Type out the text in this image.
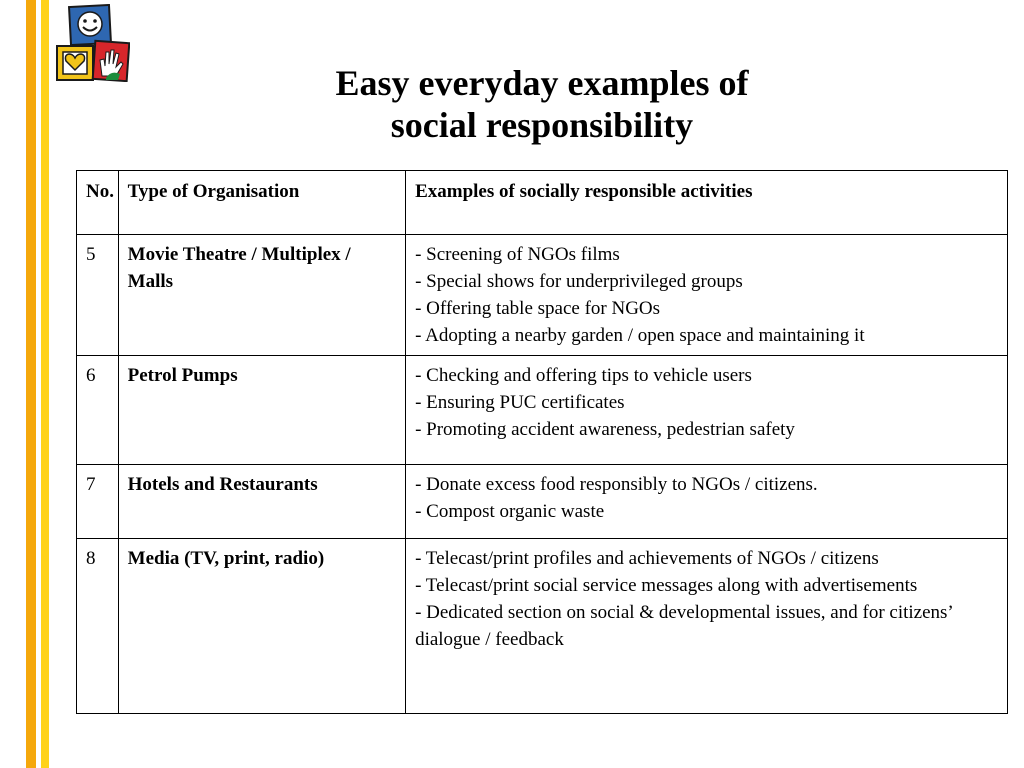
Easy everyday examples of
social responsibility
No.	Type of Organisation	Examples of socially responsible activities
5	Movie Theatre / Multiplex / Malls	- Screening of NGOs films
- Special shows for underprivileged groups
- Offering table space for NGOs
- Adopting a nearby garden / open space and maintaining it

6	Petrol Pumps	- Checking and offering tips to vehicle users
- Ensuring PUC certificates
- Promoting accident awareness, pedestrian safety

7	Hotels and Restaurants	- Donate excess food responsibly to NGOs / citizens.
- Compost organic waste

8	Media (TV, print, radio)	- Telecast/print profiles and achievements of NGOs / citizens
- Telecast/print social service messages along with advertisements
- Dedicated section on social & developmental issues, and for citizens’ dialogue / feedback
